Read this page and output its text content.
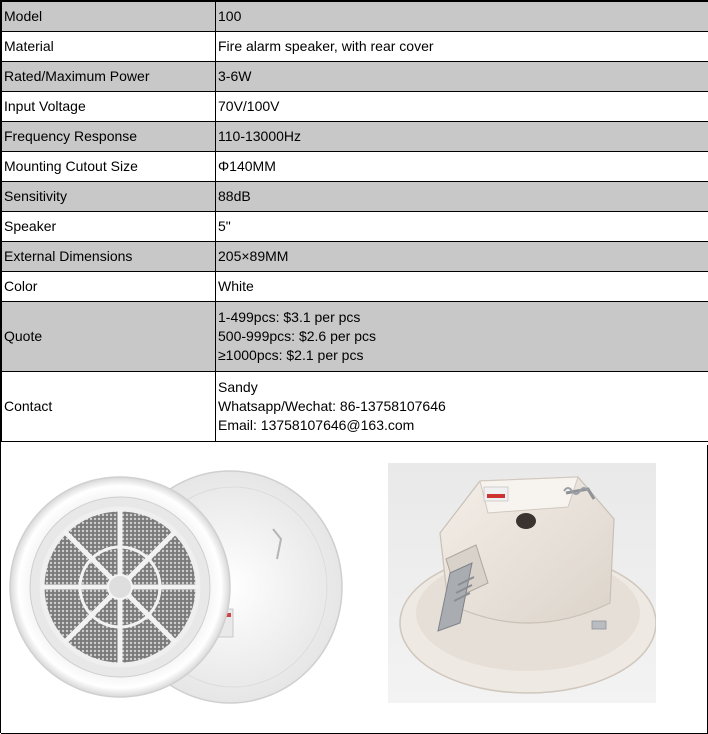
Model	100
Material	Fire alarm speaker, with rear cover
Rated/Maximum Power	3-6W
Input Voltage	70V/100V
Frequency Response	110-13000Hz
Mounting Cutout Size	Φ140MM
Sensitivity	88dB
Speaker	5"
External Dimensions	205×89MM
Color	White
Quote	1-499pcs: $3.1 per pcs
500-999pcs: $2.6 per pcs
≥1000pcs: $2.1 per pcs

Contact	Sandy
Whatsapp/Wechat: 86-13758107646
Email: 13758107646@163.com
